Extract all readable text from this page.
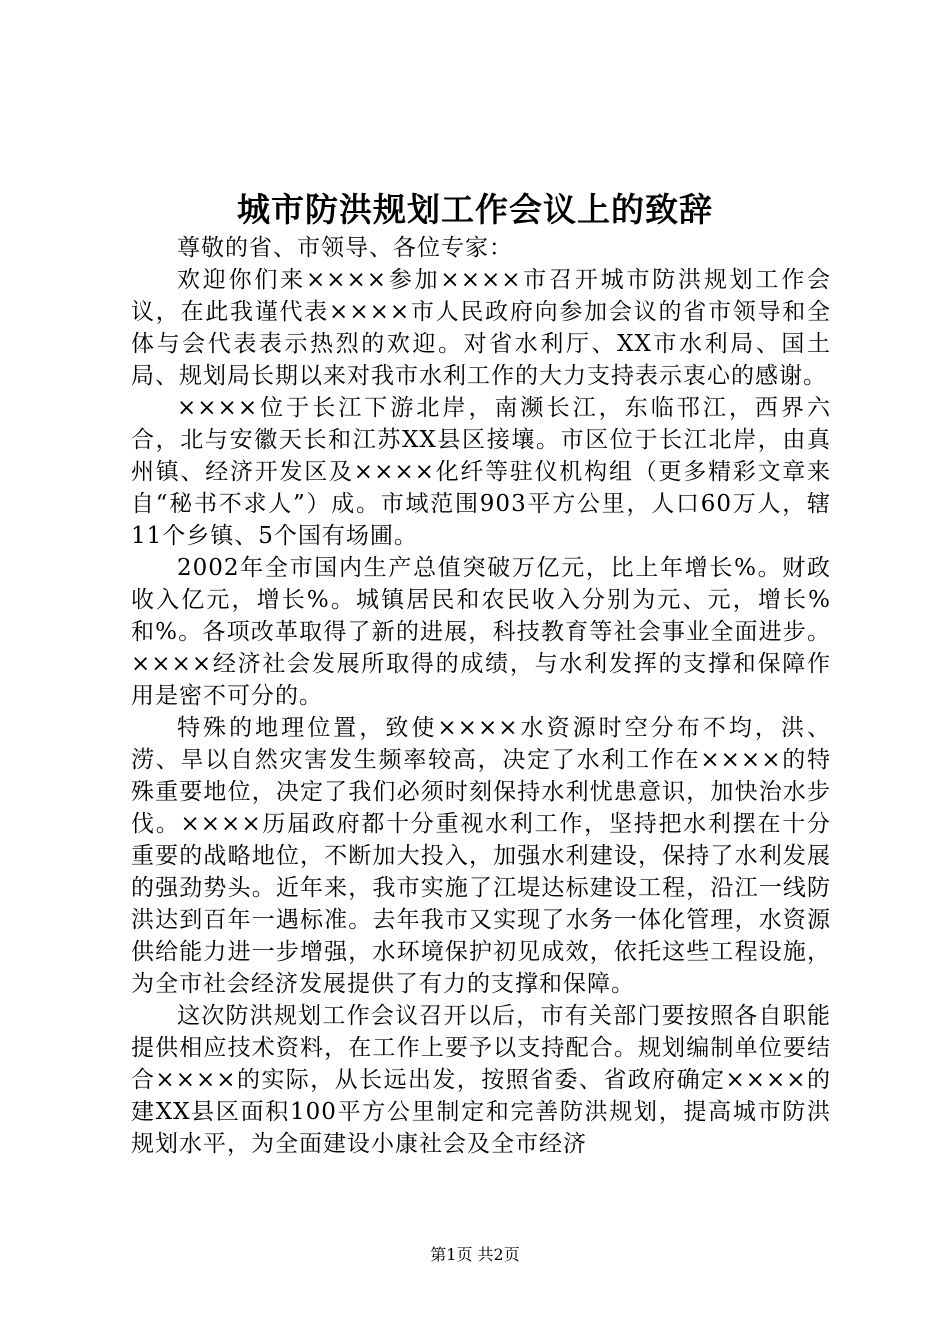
城市防洪规划工作会议上的致辞

尊敬的省、市领导、各位专家：

欢迎你们来××××参加××××市召开城市防洪规划工作会议，在此我谨代表××××市人民政府向参加会议的省市领导和全体与会代表表示热烈的欢迎。对省水利厅、XX市水利局、国土局、规划局长期以来对我市水利工作的大力支持表示衷心的感谢。

××××位于长江下游北岸，南濒长江，东临邗江，西界六合，北与安徽天长和江苏XX县区接壤。市区位于长江北岸，由真州镇、经济开发区及××××化纤等驻仪机构组（更多精彩文章来自“秘书不求人”）成。市域范围903平方公里，人口60万人，辖11个乡镇、5个国有场圃。

2002年全市国内生产总值突破万亿元，比上年增长%。财政收入亿元，增长%。城镇居民和农民收入分别为元、元，增长%和%。各项改革取得了新的进展，科技教育等社会事业全面进步。××××经济社会发展所取得的成绩，与水利发挥的支撑和保障作用是密不可分的。

特殊的地理位置，致使××××水资源时空分布不均，洪、涝、旱以自然灾害发生频率较高，决定了水利工作在××××的特殊重要地位，决定了我们必须时刻保持水利忧患意识，加快治水步伐。××××历届政府都十分重视水利工作，坚持把水利摆在十分重要的战略地位，不断加大投入，加强水利建设，保持了水利发展的强劲势头。近年来，我市实施了江堤达标建设工程，沿江一线防洪达到百年一遇标准。去年我市又实现了水务一体化管理，水资源供给能力进一步增强，水环境保护初见成效，依托这些工程设施，为全市社会经济发展提供了有力的支撑和保障。

这次防洪规划工作会议召开以后，市有关部门要按照各自职能提供相应技术资料，在工作上要予以支持配合。规划编制单位要结合××××的实际，从长远出发，按照省委、省政府确定××××的建XX县区面积100平方公里制定和完善防洪规划，提高城市防洪规划水平，为全面建设小康社会及全市经济

第1页 共2页
